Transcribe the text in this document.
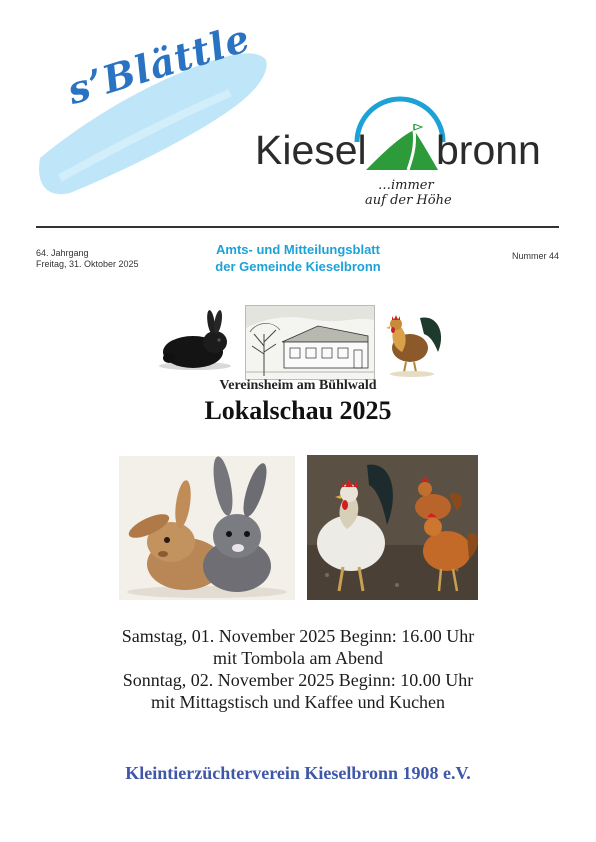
s’Blättle
Kiesel bronn
…immer
auf der Höhe
64. Jahrgang
Freitag, 31. Oktober 2025
Amts- und Mitteilungsblatt
der Gemeinde Kieselbronn
Nummer 44
Vereinsheim am Bühlwald
Lokalschau 2025
Samstag, 01. November 2025 Beginn: 16.00 Uhr
mit Tombola am Abend
Sonntag, 02. November 2025 Beginn: 10.00 Uhr
mit Mittagstisch und Kaffee und Kuchen
Kleintierzüchterverein Kieselbronn 1908 e.V.
